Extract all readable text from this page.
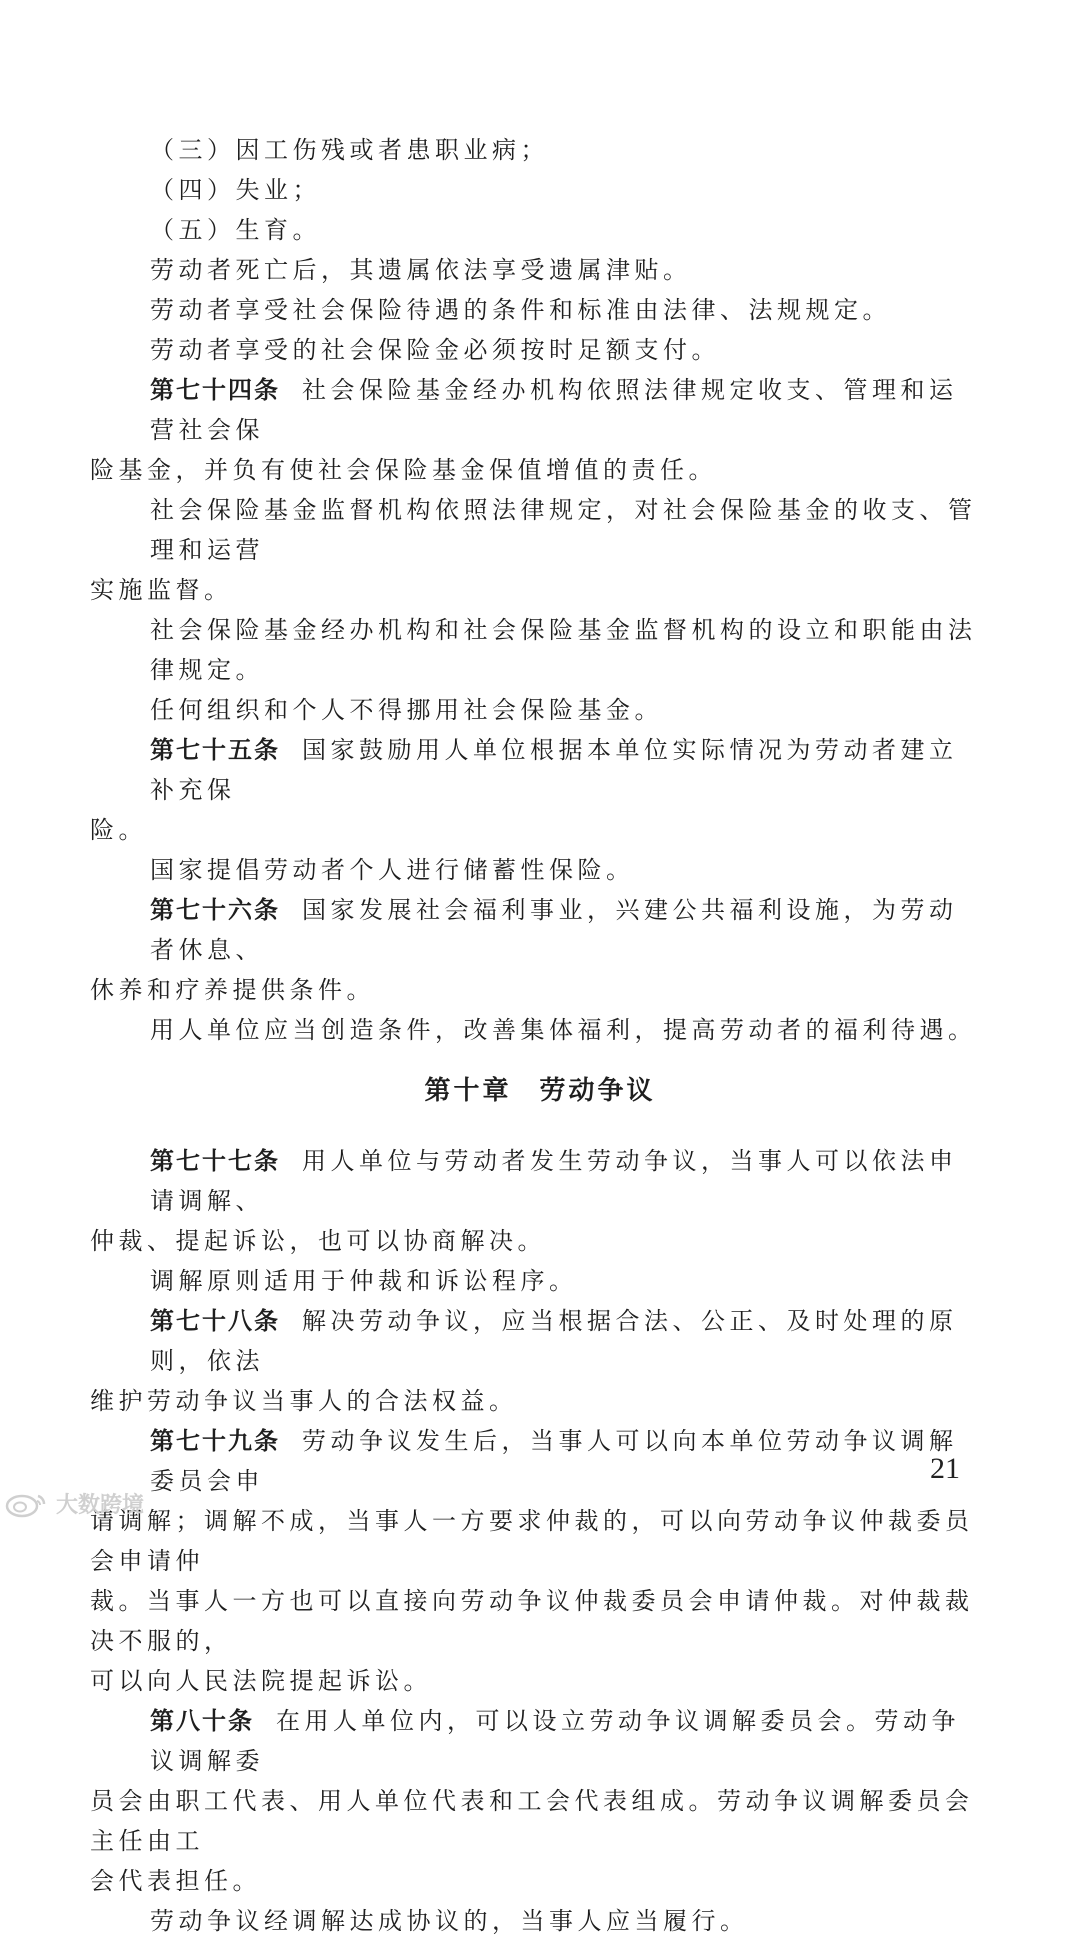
（三）因工伤残或者患职业病；

（四）失业；

（五）生育。

劳动者死亡后，其遗属依法享受遗属津贴。

劳动者享受社会保险待遇的条件和标准由法律、法规规定。

劳动者享受的社会保险金必须按时足额支付。

第七十四条 社会保险基金经办机构依照法律规定收支、管理和运营社会保
险基金，并负有使社会保险基金保值增值的责任。

社会保险基金监督机构依照法律规定，对社会保险基金的收支、管理和运营

实施监督。

社会保险基金经办机构和社会保险基金监督机构的设立和职能由法律规定。

任何组织和个人不得挪用社会保险基金。

第七十五条 国家鼓励用人单位根据本单位实际情况为劳动者建立补充保
险。

国家提倡劳动者个人进行储蓄性保险。

第七十六条 国家发展社会福利事业，兴建公共福利设施，为劳动者休息、
休养和疗养提供条件。

用人单位应当创造条件，改善集体福利，提高劳动者的福利待遇。

第十章 劳动争议
第七十七条 用人单位与劳动者发生劳动争议，当事人可以依法申请调解、
仲裁、提起诉讼，也可以协商解决。

调解原则适用于仲裁和诉讼程序。

第七十八条 解决劳动争议，应当根据合法、公正、及时处理的原则，依法
维护劳动争议当事人的合法权益。
第七十九条 劳动争议发生后，当事人可以向本单位劳动争议调解委员会申
请调解；调解不成，当事人一方要求仲裁的，可以向劳动争议仲裁委员会申请仲
裁。当事人一方也可以直接向劳动争议仲裁委员会申请仲裁。对仲裁裁决不服的，
可以向人民法院提起诉讼。
第八十条 在用人单位内，可以设立劳动争议调解委员会。劳动争议调解委
员会由职工代表、用人单位代表和工会代表组成。劳动争议调解委员会主任由工
会代表担任。

劳动争议经调解达成协议的，当事人应当履行。

21
大数跨境
